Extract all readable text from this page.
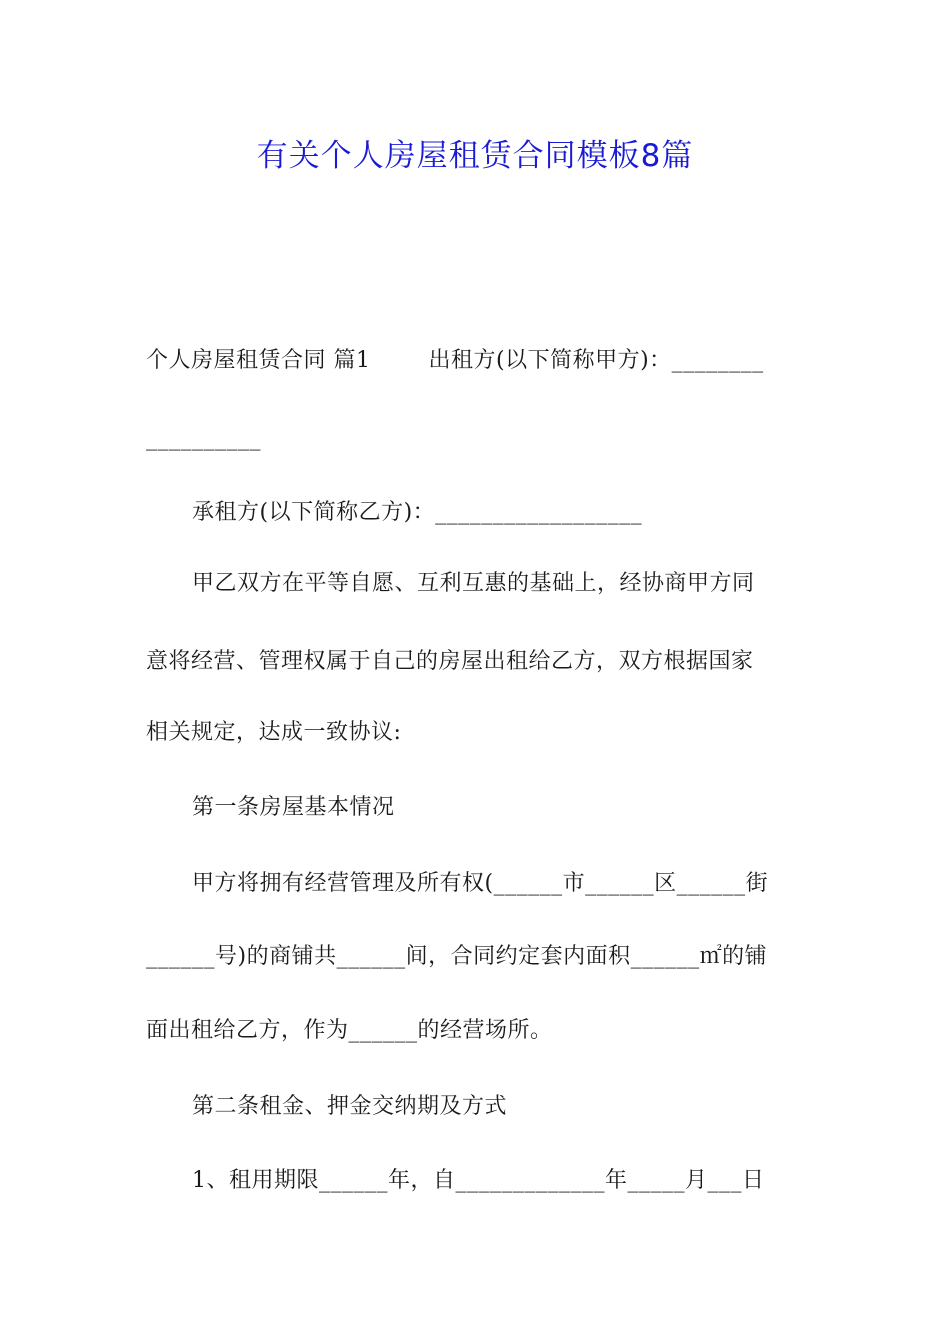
有关个人房屋租赁合同模板8篇
个人房屋租赁合同 篇1	出租方(以下简称甲方)：________
__________
承租方(以下简称乙方)：__________________
甲乙双方在平等自愿、互利互惠的基础上，经协商甲方同
意将经营、管理权属于自己的房屋出租给乙方，双方根据国家
相关规定，达成一致协议:
第一条房屋基本情况
甲方将拥有经营管理及所有权(______市______区______街
______号)的商铺共______间，合同约定套内面积______㎡的铺
面出租给乙方，作为______的经营场所。
第二条租金、押金交纳期及方式
1、租用期限______年，自_____________年_____月___日
